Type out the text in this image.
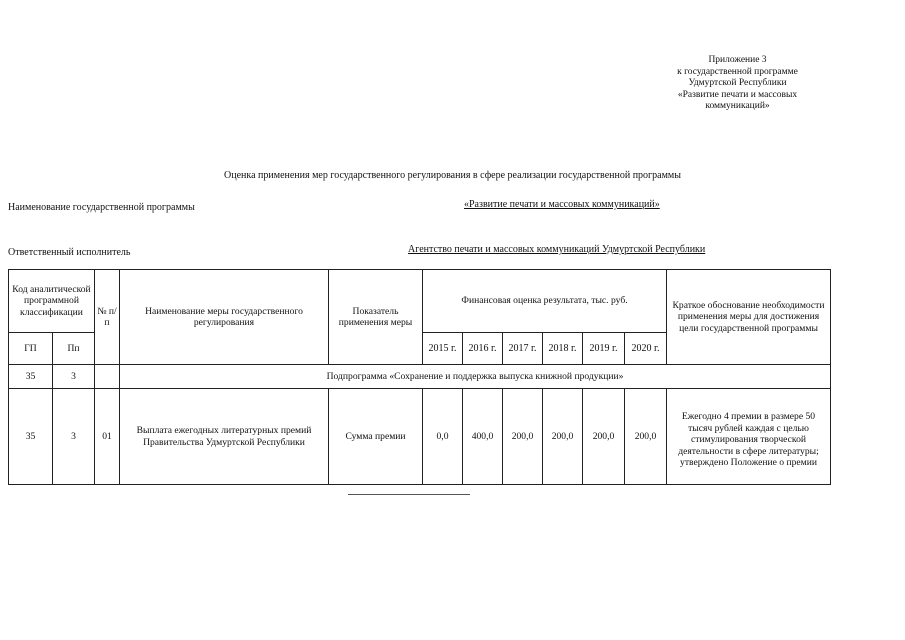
Приложение 3
к государственной программе
Удмуртской Республики
«Развитие печати и массовых
коммуникаций»
Оценка применения мер государственного регулирования в сфере реализации государственной программы
Наименование государственной программы	«Развитие печати и массовых коммуникаций»
Ответственный исполнитель	Агентство печати и массовых коммуникаций Удмуртской Республики
Код аналитической программной классификации		№ п/п	Наименование меры государственного регулирования	Показатель применения меры	Финансовая оценка результата, тыс. руб.						Краткое обоснование необходимости применения меры для достижения цели государственной программы
ГП	Пп				2015 г.	2016 г.	2017 г.	2018 г.	2019 г.	2020 г.	
35	3		Подпрограмма «Сохранение и поддержка выпуска книжной продукции»								
35	3	01	Выплата ежегодных литературных премий Правительства Удмуртской Республики	Сумма премии	0,0	400,0	200,0	200,0	200,0	200,0	Ежегодно 4 премии в размере 50 тысяч рублей каждая с целью стимулирования творческой деятельности в сфере литературы; утверждено Положение о премии
